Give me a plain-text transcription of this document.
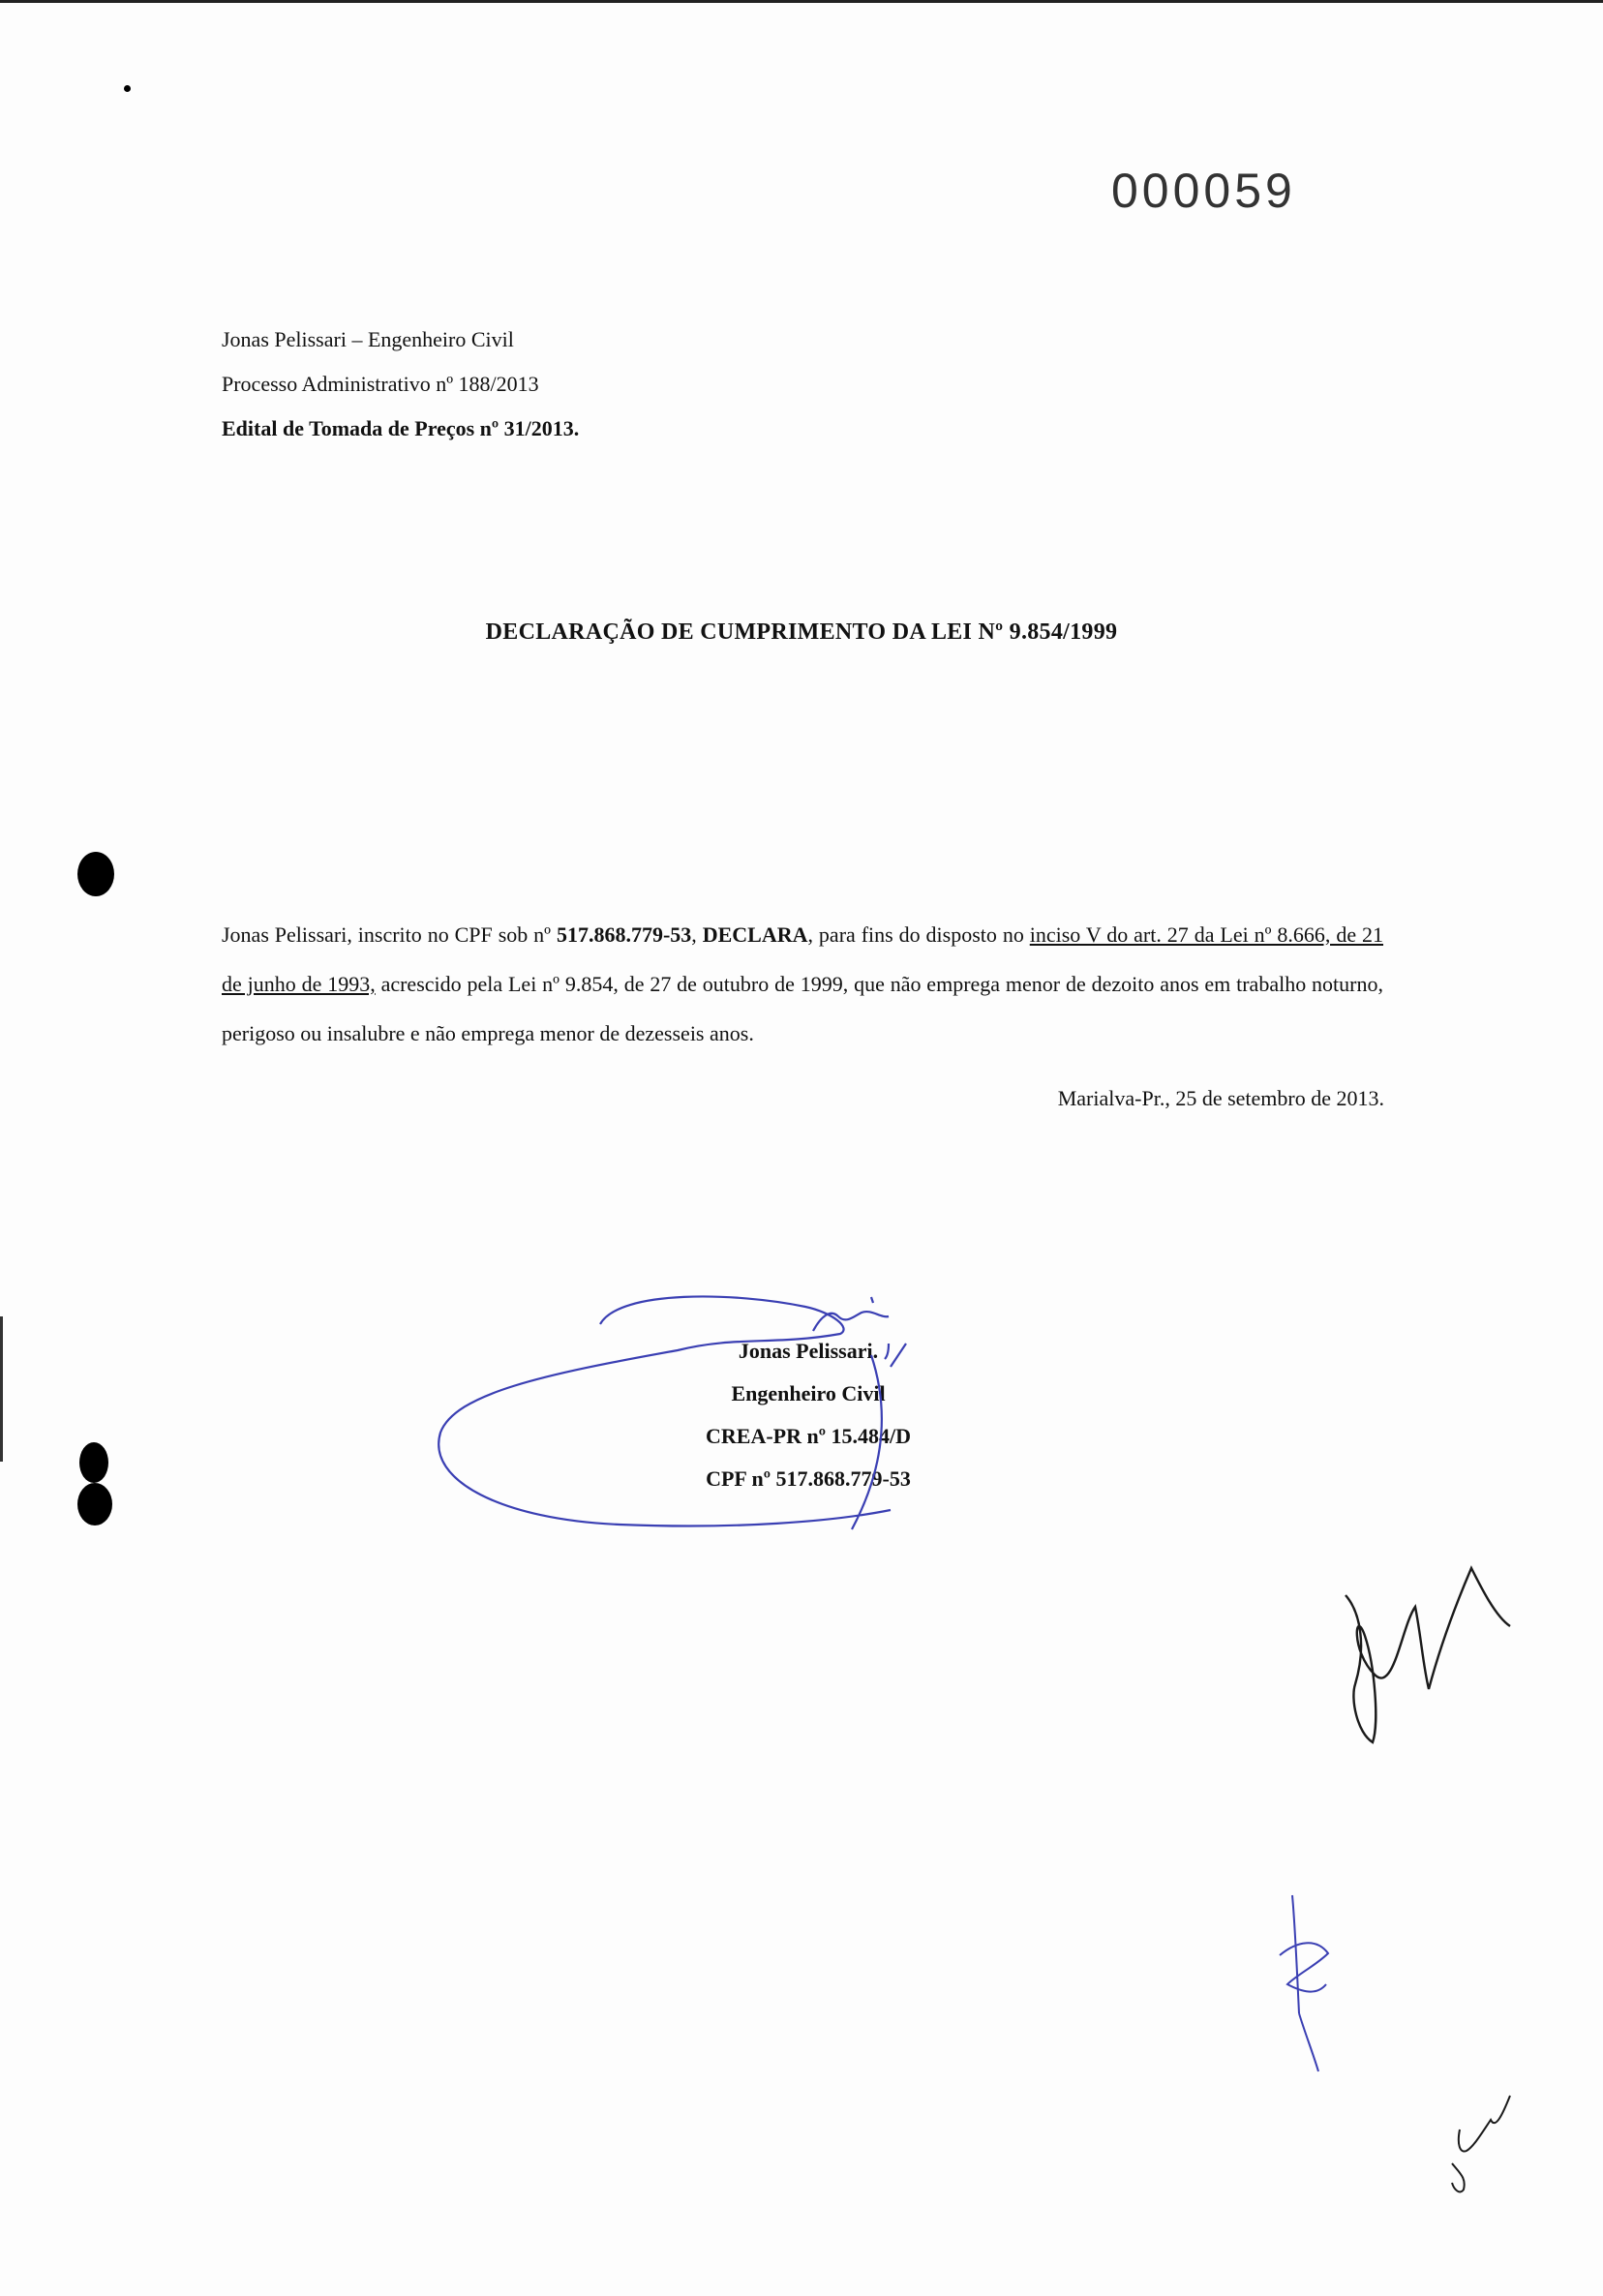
000059
Jonas Pelissari – Engenheiro Civil
Processo Administrativo nº 188/2013
Edital de Tomada de Preços nº 31/2013.
DECLARAÇÃO DE CUMPRIMENTO DA LEI Nº 9.854/1999

Jonas Pelissari, inscrito no CPF sob nº 517.868.779-53, DECLARA, para fins do disposto no inciso V do art. 27 da Lei nº 8.666, de 21 de junho de 1993, acrescido pela Lei nº 9.854, de 27 de outubro de 1999, que não emprega menor de dezoito anos em trabalho noturno, perigoso ou insalubre e não emprega menor de dezesseis anos.

Marialva-Pr., 25 de setembro de 2013.
Jonas Pelissari.
Engenheiro Civil
CREA-PR nº 15.484/D
CPF nº 517.868.779-53
